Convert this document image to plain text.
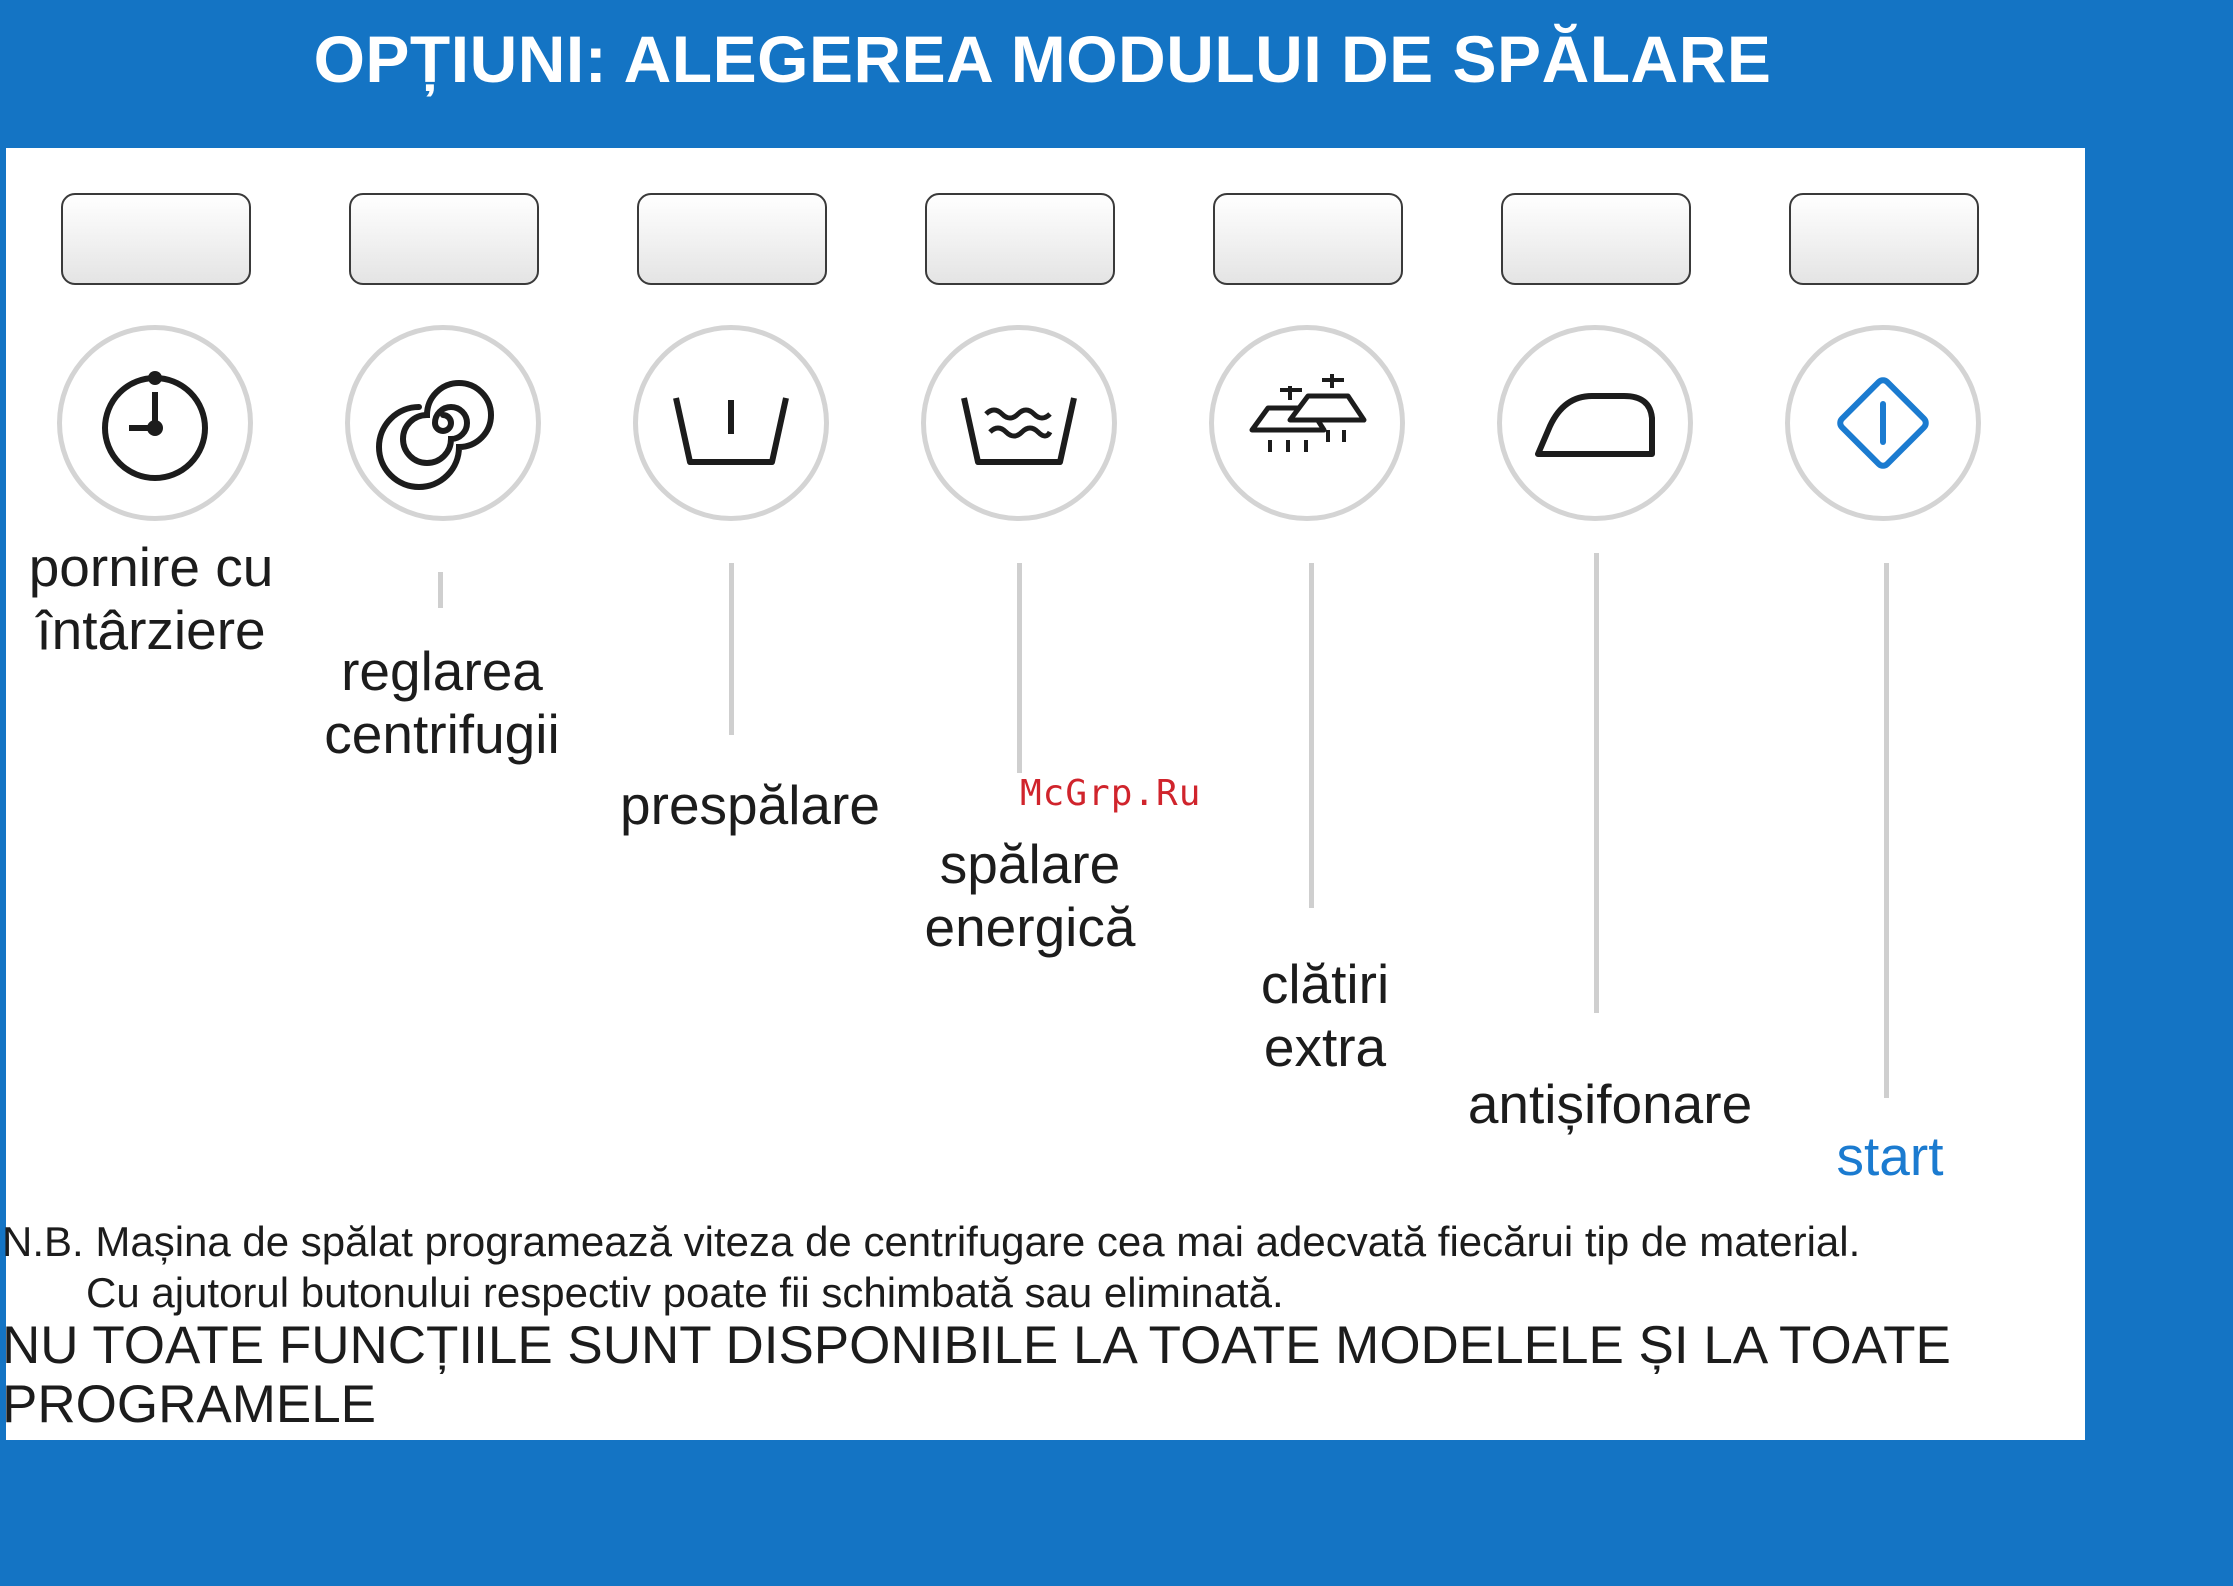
OPȚIUNI: ALEGEREA MODULUI DE SPĂLARE
pornire cu
întârziere
reglarea
centrifugii
prespălare
spălare
energică
clătiri
extra
antișifonare
start
McGrp.Ru
N.B. Mașina de spălat programează viteza de centrifugare cea mai adecvată fiecărui tip de material.
Cu ajutorul butonului respectiv poate fii schimbată sau eliminată.
NU TOATE FUNCȚIILE SUNT DISPONIBILE LA TOATE MODELELE ȘI LA TOATE
PROGRAMELE
